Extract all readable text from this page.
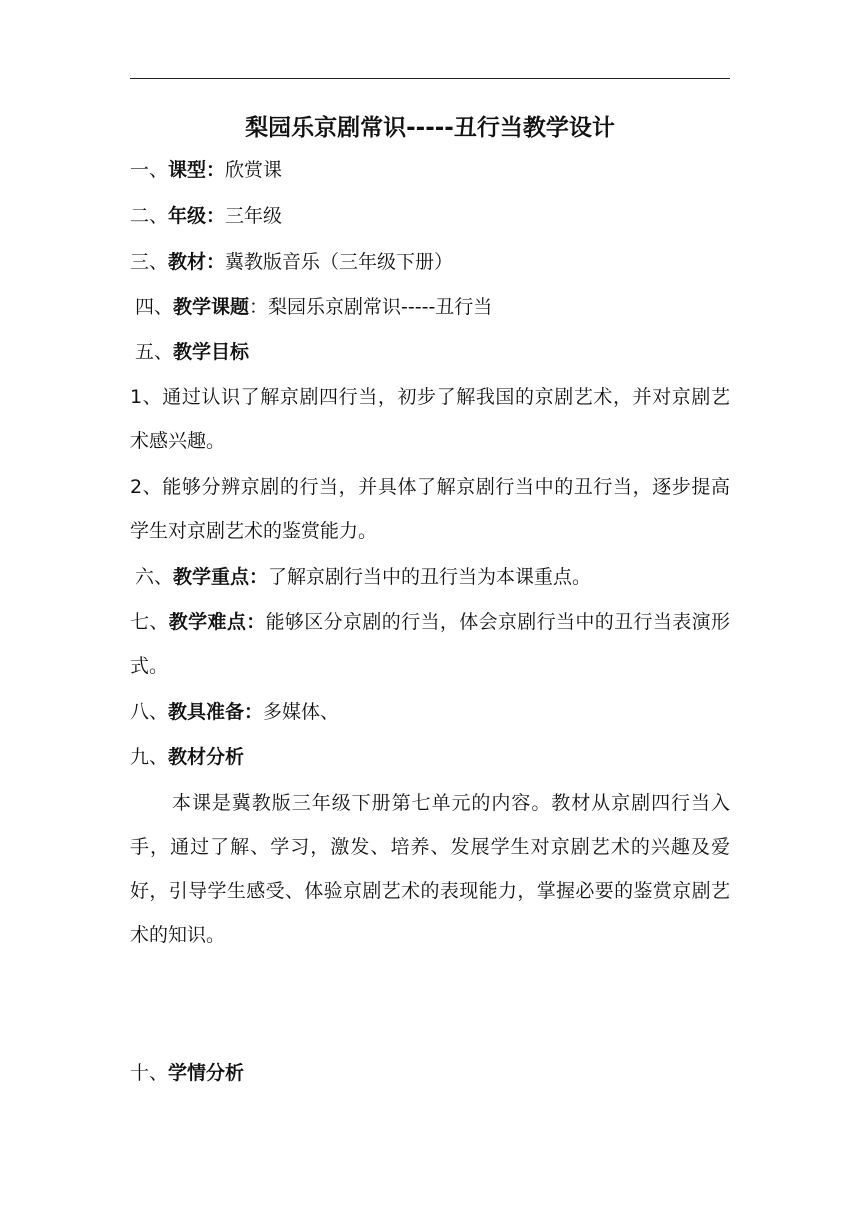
梨园乐京剧常识-----丑行当教学设计
一、课型：欣赏课
二、年级：三年级
三、教材：冀教版音乐（三年级下册）
四、教学课题：梨园乐京剧常识-----丑行当
五、教学目标
1、通过认识了解京剧四行当，初步了解我国的京剧艺术，并对京剧艺术感兴趣。
2、能够分辨京剧的行当，并具体了解京剧行当中的丑行当，逐步提高学生对京剧艺术的鉴赏能力。
六、教学重点：了解京剧行当中的丑行当为本课重点。
七、教学难点：能够区分京剧的行当，体会京剧行当中的丑行当表演形式。
八、教具准备：多媒体、
九、教材分析
本课是冀教版三年级下册第七单元的内容。教材从京剧四行当入手，通过了解、学习，激发、培养、发展学生对京剧艺术的兴趣及爱好，引导学生感受、体验京剧艺术的表现能力，掌握必要的鉴赏京剧艺术的知识。
十、学情分析
